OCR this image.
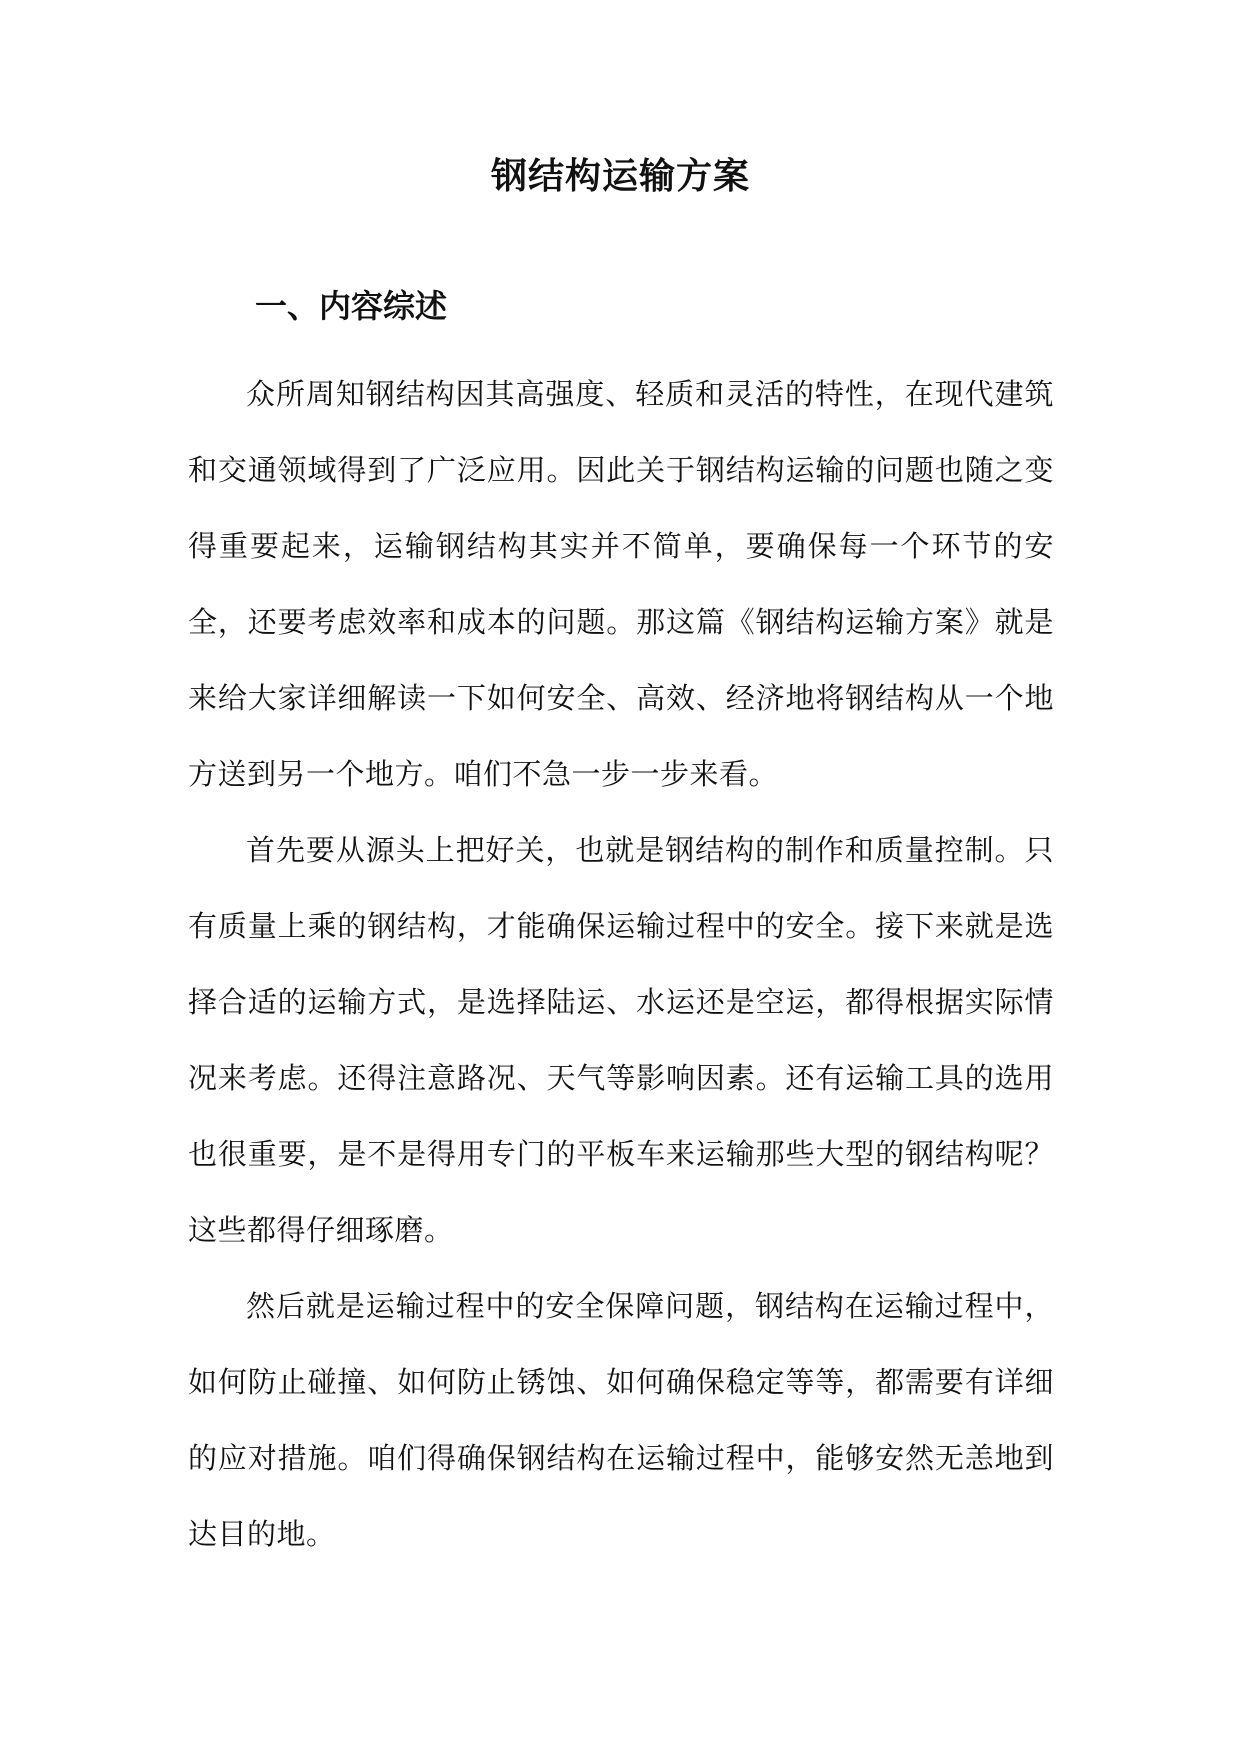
钢结构运输方案
一、内容综述

众所周知钢结构因其高强度、轻质和灵活的特性，在现代建筑和交通领域得到了广泛应用。因此关于钢结构运输的问题也随之变得重要起来，运输钢结构其实并不简单，要确保每一个环节的安全，还要考虑效率和成本的问题。那这篇《钢结构运输方案》就是来给大家详细解读一下如何安全、高效、经济地将钢结构从一个地方送到另一个地方。咱们不急一步一步来看。

首先要从源头上把好关，也就是钢结构的制作和质量控制。只有质量上乘的钢结构，才能确保运输过程中的安全。接下来就是选择合适的运输方式，是选择陆运、水运还是空运，都得根据实际情况来考虑。还得注意路况、天气等影响因素。还有运输工具的选用也很重要，是不是得用专门的平板车来运输那些大型的钢结构呢？这些都得仔细琢磨。

然后就是运输过程中的安全保障问题，钢结构在运输过程中，如何防止碰撞、如何防止锈蚀、如何确保稳定等等，都需要有详细的应对措施。咱们得确保钢结构在运输过程中，能够安然无恙地到达目的地。
